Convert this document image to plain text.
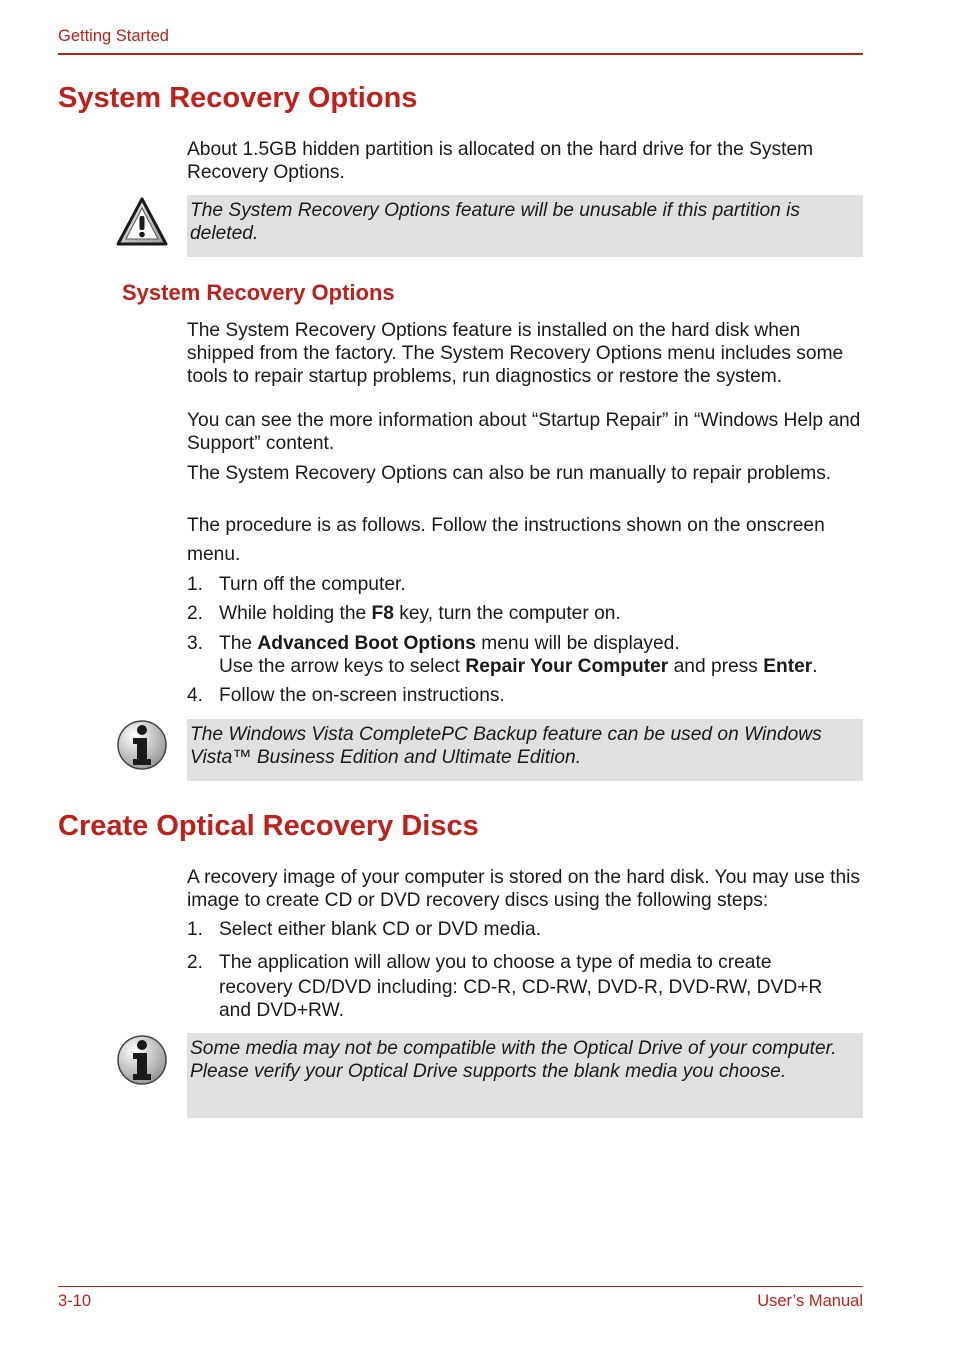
Getting Started
System Recovery Options
About 1.5GB hidden partition is allocated on the hard drive for the System Recovery Options.
The System Recovery Options feature will be unusable if this partition is deleted.
System Recovery Options
The System Recovery Options feature is installed on the hard disk when shipped from the factory. The System Recovery Options menu includes some tools to repair startup problems, run diagnostics or restore the system.
You can see the more information about “Startup Repair” in “Windows Help and Support” content.
The System Recovery Options can also be run manually to repair problems.
The procedure is as follows. Follow the instructions shown on the onscreen
menu.
1. Turn off the computer.
2. While holding the F8 key, turn the computer on.
3. The Advanced Boot Options menu will be displayed.
Use the arrow keys to select Repair Your Computer and press Enter.
4. Follow the on-screen instructions.
The Windows Vista CompletePC Backup feature can be used on Windows Vista™ Business Edition and Ultimate Edition.
Create Optical Recovery Discs
A recovery image of your computer is stored on the hard disk. You may use this image to create CD or DVD recovery discs using the following steps:
1. Select either blank CD or DVD media.
2. The application will allow you to choose a type of media to create
recovery CD/DVD including: CD-R, CD-RW, DVD-R, DVD-RW, DVD+R and DVD+RW.
Some media may not be compatible with the Optical Drive of your computer. Please verify your Optical Drive supports the blank media you choose.
3-10	User’s Manual
